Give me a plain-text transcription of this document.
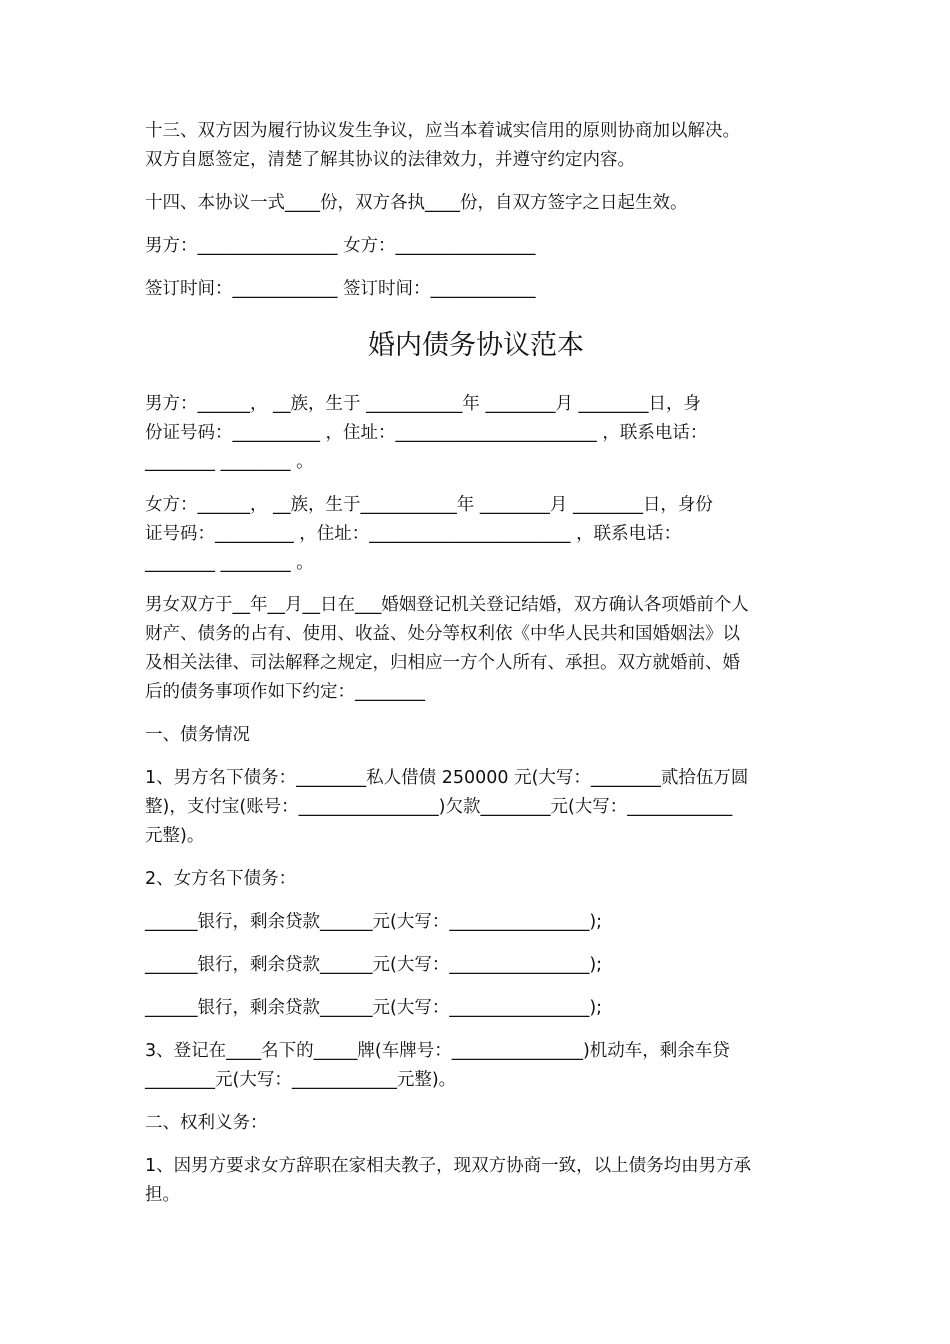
十三、双方因为履行协议发生争议，应当本着诚实信用的原则协商加以解决。

双方自愿签定，清楚了解其协议的法律效力，并遵守约定内容。

十四、本协议一式____份，双方各执____份，自双方签字之日起生效。

男方：________________ 女方：________________

签订时间：____________ 签订时间：____________

婚内债务协议范本

男方：______， __族，生于 ___________年 ________月 ________日，身

份证号码：__________ ，住址：_______________________ ，联系电话：

________ ________ 。

女方：______， __族，生于___________年 ________月 ________日，身份

证号码：_________ ，住址：_______________________ ，联系电话：

________ ________ 。

男女双方于__年__月__日在___婚姻登记机关登记结婚，双方确认各项婚前个人

财产、债务的占有、使用、收益、处分等权利依《中华人民共和国婚姻法》以

及相关法律、司法解释之规定，归相应一方个人所有、承担。双方就婚前、婚

后的债务事项作如下约定：________

一、债务情况

1、男方名下债务：________私人借债 250000 元(大写：________贰拾伍万圆

整)，支付宝(账号：________________)欠款________元(大写：____________

元整)。

2、女方名下债务：

______银行，剩余贷款______元(大写：________________);

______银行，剩余贷款______元(大写：________________);

______银行，剩余贷款______元(大写：________________);

3、登记在____名下的_____牌(车牌号：_______________)机动车，剩余车贷

________元(大写：____________元整)。

二、权利义务：

1、因男方要求女方辞职在家相夫教子，现双方协商一致，以上债务均由男方承

担。
